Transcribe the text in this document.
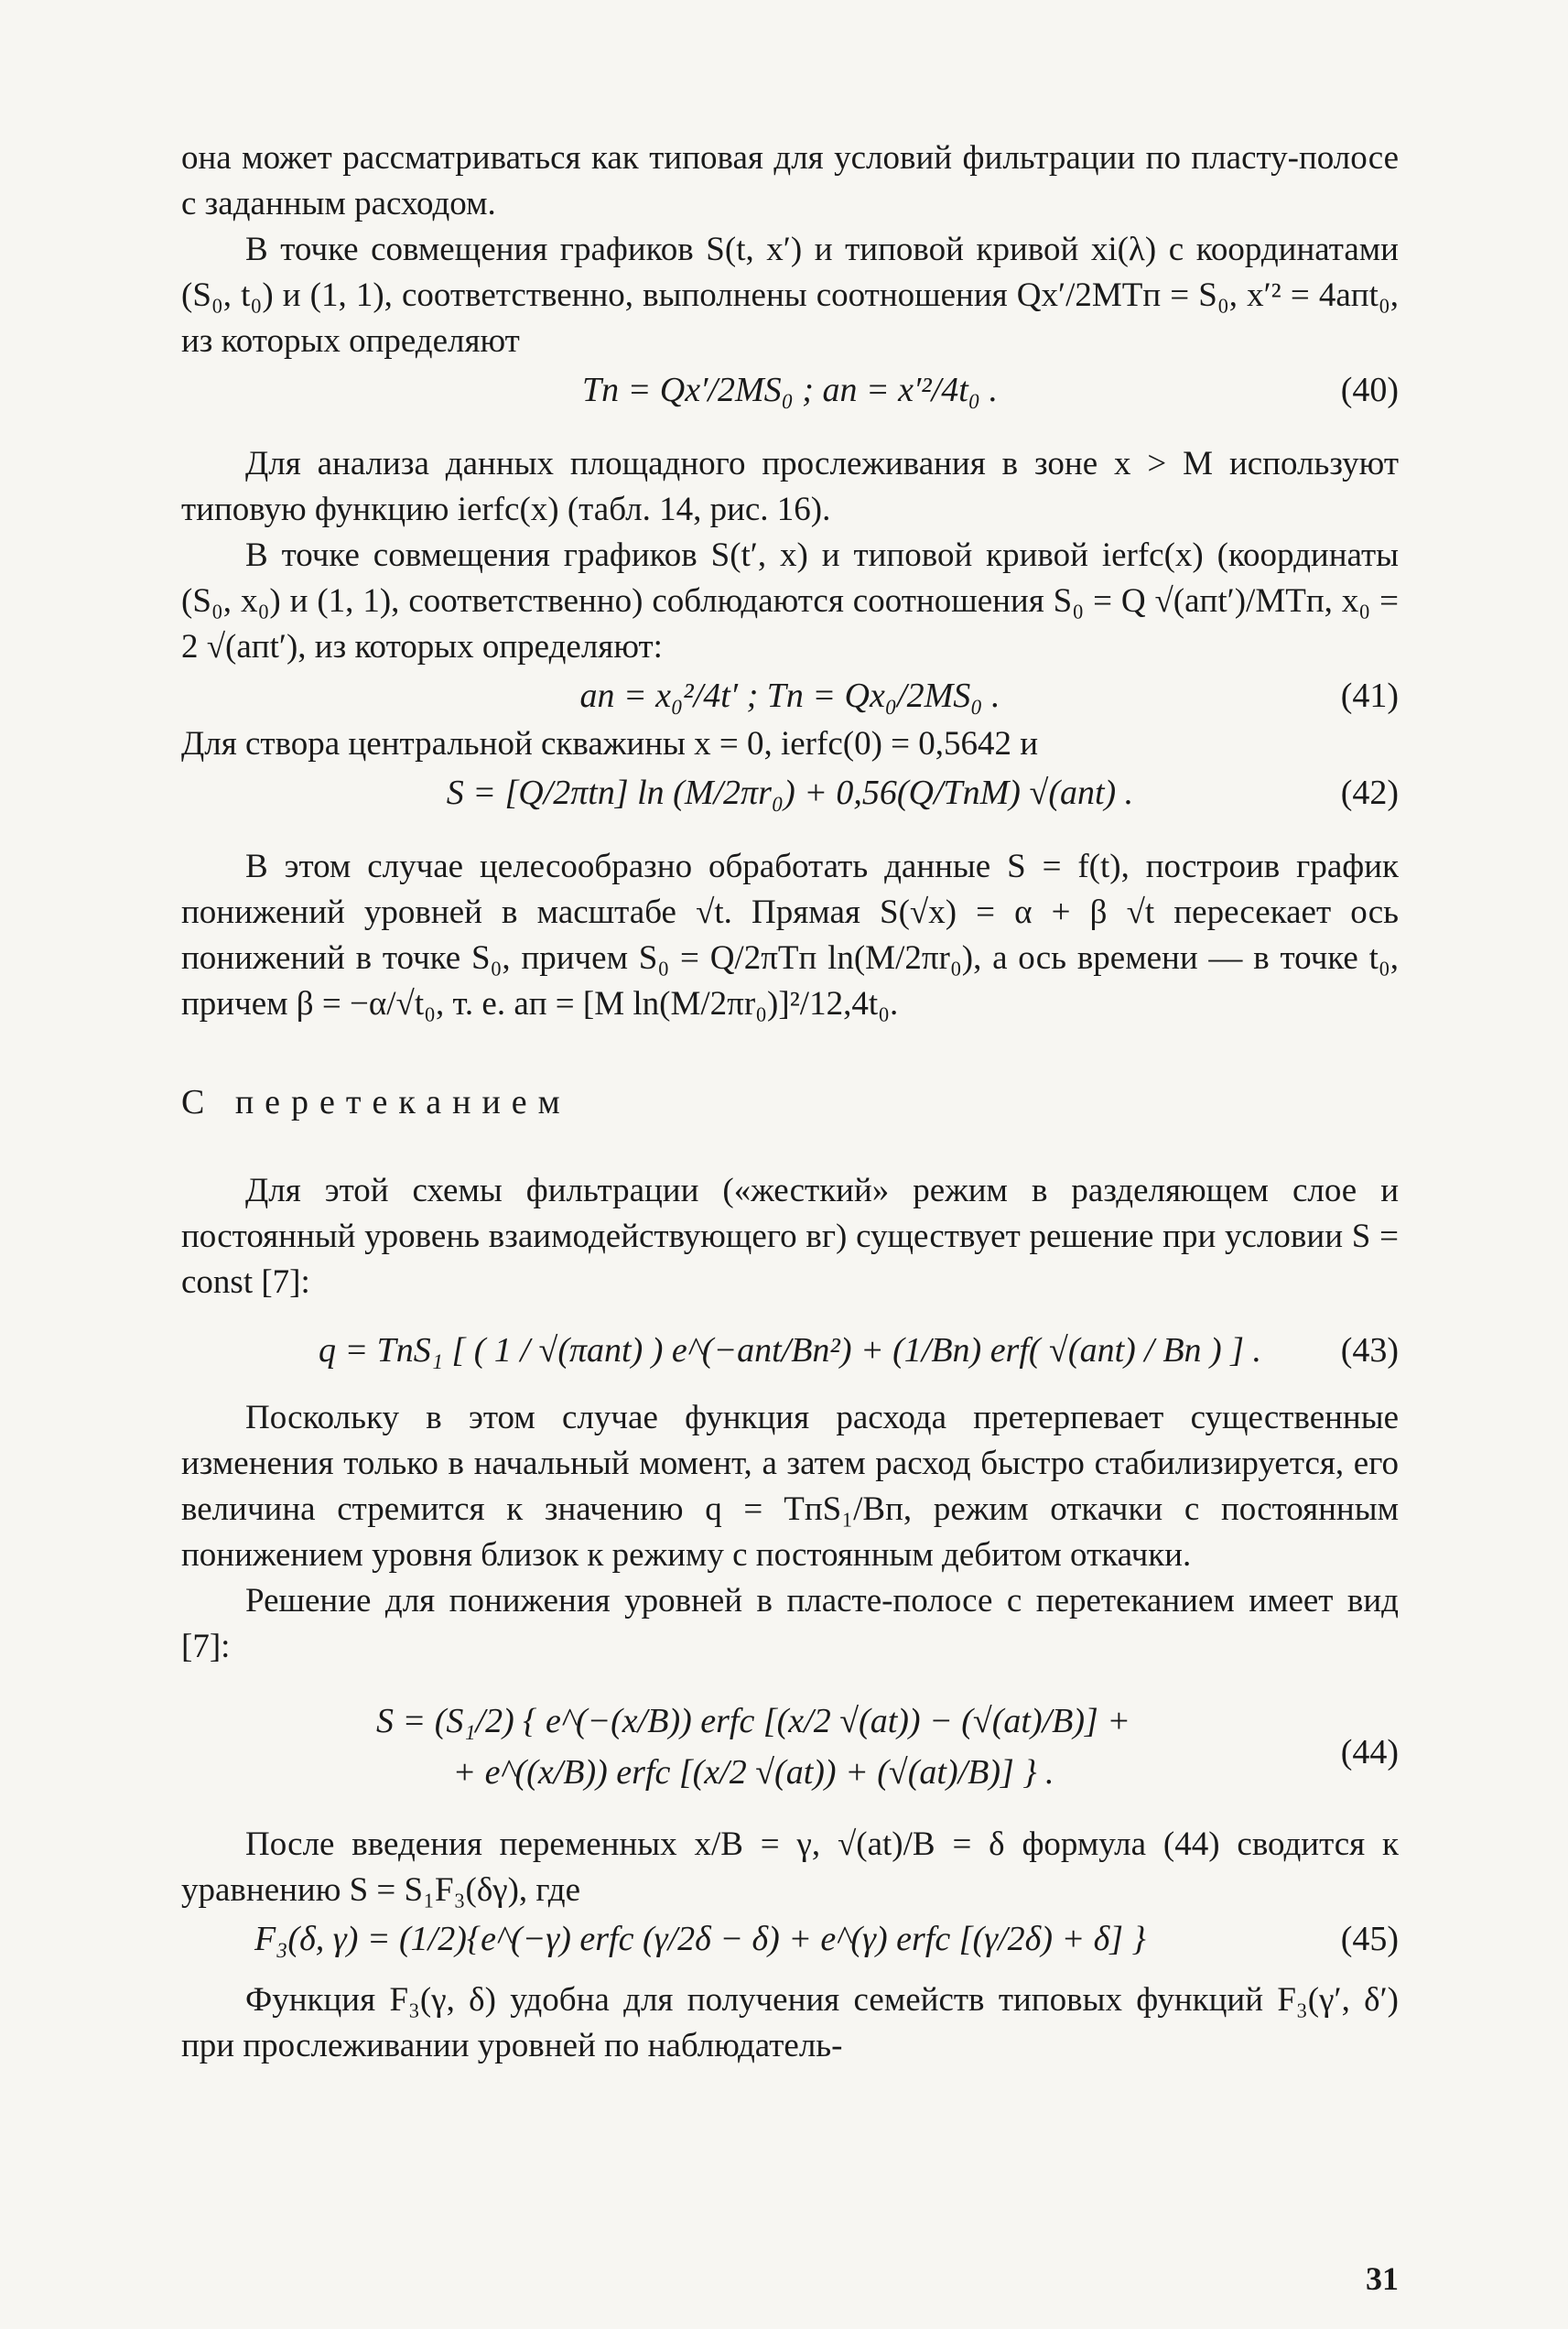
она может рассматриваться как типовая для условий фильтрации по пласту-полосе с заданным расходом.

В точке совмещения графиков S(t, x′) и типовой кривой xi(λ) с координатами (S₀, t₀) и (1, 1), соответственно, выполнены соотношения Qx′/2MTп = S₀, x′² = 4aпt₀, из которых определяют

Tп = Qx′/2MS₀ ; aп = x′²/4t₀ .	(40)

Для анализа данных площадного прослеживания в зоне x > M используют типовую функцию ierfc(x) (табл. 14, рис. 16).

В точке совмещения графиков S(t′, x) и типовой кривой ierfc(x) (координаты (S₀, x₀) и (1, 1), соответственно) соблюдаются соотношения S₀ = Q √(aпt′)/MTп, x₀ = 2 √(aпt′), из которых определяют:

aп = x₀²/4t′ ; Tп = Qx₀/2MS₀ .	(41)

Для створа центральной скважины x = 0, ierfc(0) = 0,5642 и

S = [Q/2πtп] ln (M/2πr₀) + 0,56(Q/TпM) √(aпt) .	(42)

В этом случае целесообразно обработать данные S = f(t), построив график понижений уровней в масштабе √t. Прямая S(√x) = α + β √t пересекает ось понижений в точке S₀, причем S₀ = Q/2πTп ln(M/2πr₀), а ось времени — в точке t₀, причем β = −α/√t₀, т. е. aп = [M ln(M/2πr₀)]²/12,4t₀.

С перетеканием

Для этой схемы фильтрации («жесткий» режим в разделяющем слое и постоянный уровень взаимодействующего вг) существует решение при условии S = const [7]:

q = TпS₁ [ ( 1 / √(πaпt) ) e^(−aпt/Bп²) + (1/Bп) erf( √(aпt) / Bп ) ] . (43)

Поскольку в этом случае функция расхода претерпевает существенные изменения только в начальный момент, а затем расход быстро стабилизируется, его величина стремится к значению q = TпS₁/Bп, режим откачки с постоянным понижением уровня близок к режиму с постоянным дебитом откачки.

Решение для понижения уровней в пласте-полосе с перетеканием имеет вид [7]:

S = (S₁/2) { e^(−(x/B)) erfc [(x/2 √(at)) − (√(at)/B)] +
+ e^((x/B)) erfc [(x/2 √(at)) + (√(at)/B)] } .
(44)

После введения переменных x/B = γ, √(at)/B = δ формула (44) сводится к уравнению S = S₁F₃(δγ), где

F₃(δ, γ) = (1/2){e^(−γ) erfc (γ/2δ − δ) + e^(γ) erfc [(γ/2δ) + δ] }	(45)

Функция F₃(γ, δ) удобна для получения семейств типовых функций F₃(γ′, δ′) при прослеживании уровней по наблюдатель-

31
